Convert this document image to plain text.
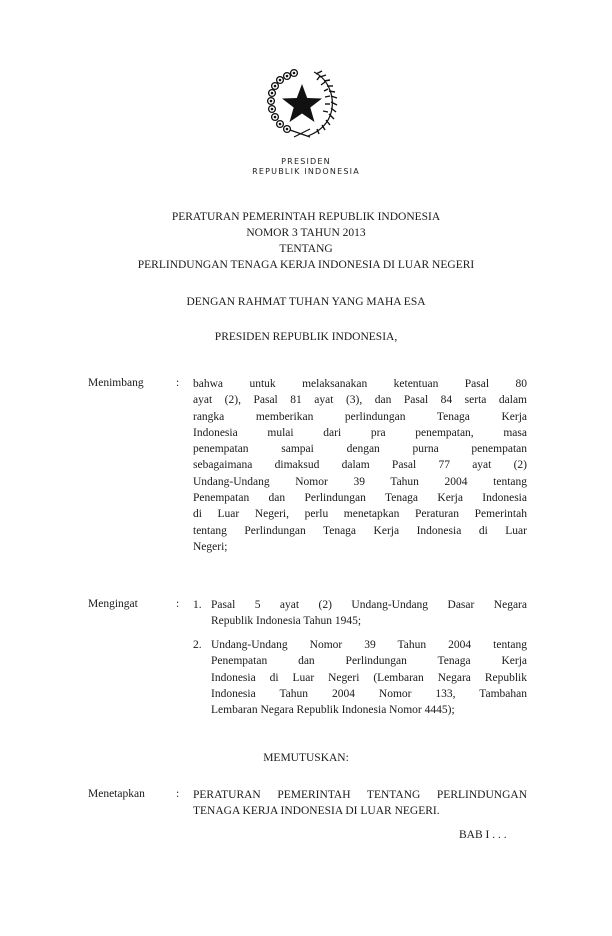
PRESIDEN
REPUBLIK INDONESIA
PERATURAN PEMERINTAH REPUBLIK INDONESIA
NOMOR 3 TAHUN 2013
TENTANG
PERLINDUNGAN TENAGA KERJA INDONESIA DI LUAR NEGERI
DENGAN RAHMAT TUHAN YANG MAHA ESA
PRESIDEN REPUBLIK INDONESIA,
Menimbang	: bahwa untuk melaksanakan ketentuan Pasal 80
ayat (2), Pasal 81 ayat (3), dan Pasal 84 serta dalam
rangka memberikan perlindungan Tenaga Kerja
Indonesia mulai dari pra penempatan, masa
penempatan sampai dengan purna penempatan
sebagaimana dimaksud dalam Pasal 77 ayat (2)
Undang-Undang Nomor 39 Tahun 2004 tentang
Penempatan dan Perlindungan Tenaga Kerja Indonesia
di Luar Negeri, perlu menetapkan Peraturan Pemerintah
tentang Perlindungan Tenaga Kerja Indonesia di Luar
Negeri;
Mengingat	: 1. Pasal 5 ayat (2) Undang-Undang Dasar Negara
Republik Indonesia Tahun 1945;
2. Undang-Undang Nomor 39 Tahun 2004 tentang
Penempatan dan Perlindungan Tenaga Kerja
Indonesia di Luar Negeri (Lembaran Negara Republik
Indonesia Tahun 2004 Nomor 133, Tambahan
Lembaran Negara Republik Indonesia Nomor 4445);
MEMUTUSKAN:
Menetapkan	: PERATURAN PEMERINTAH TENTANG PERLINDUNGAN
TENAGA KERJA INDONESIA DI LUAR NEGERI.
BAB I . . .
